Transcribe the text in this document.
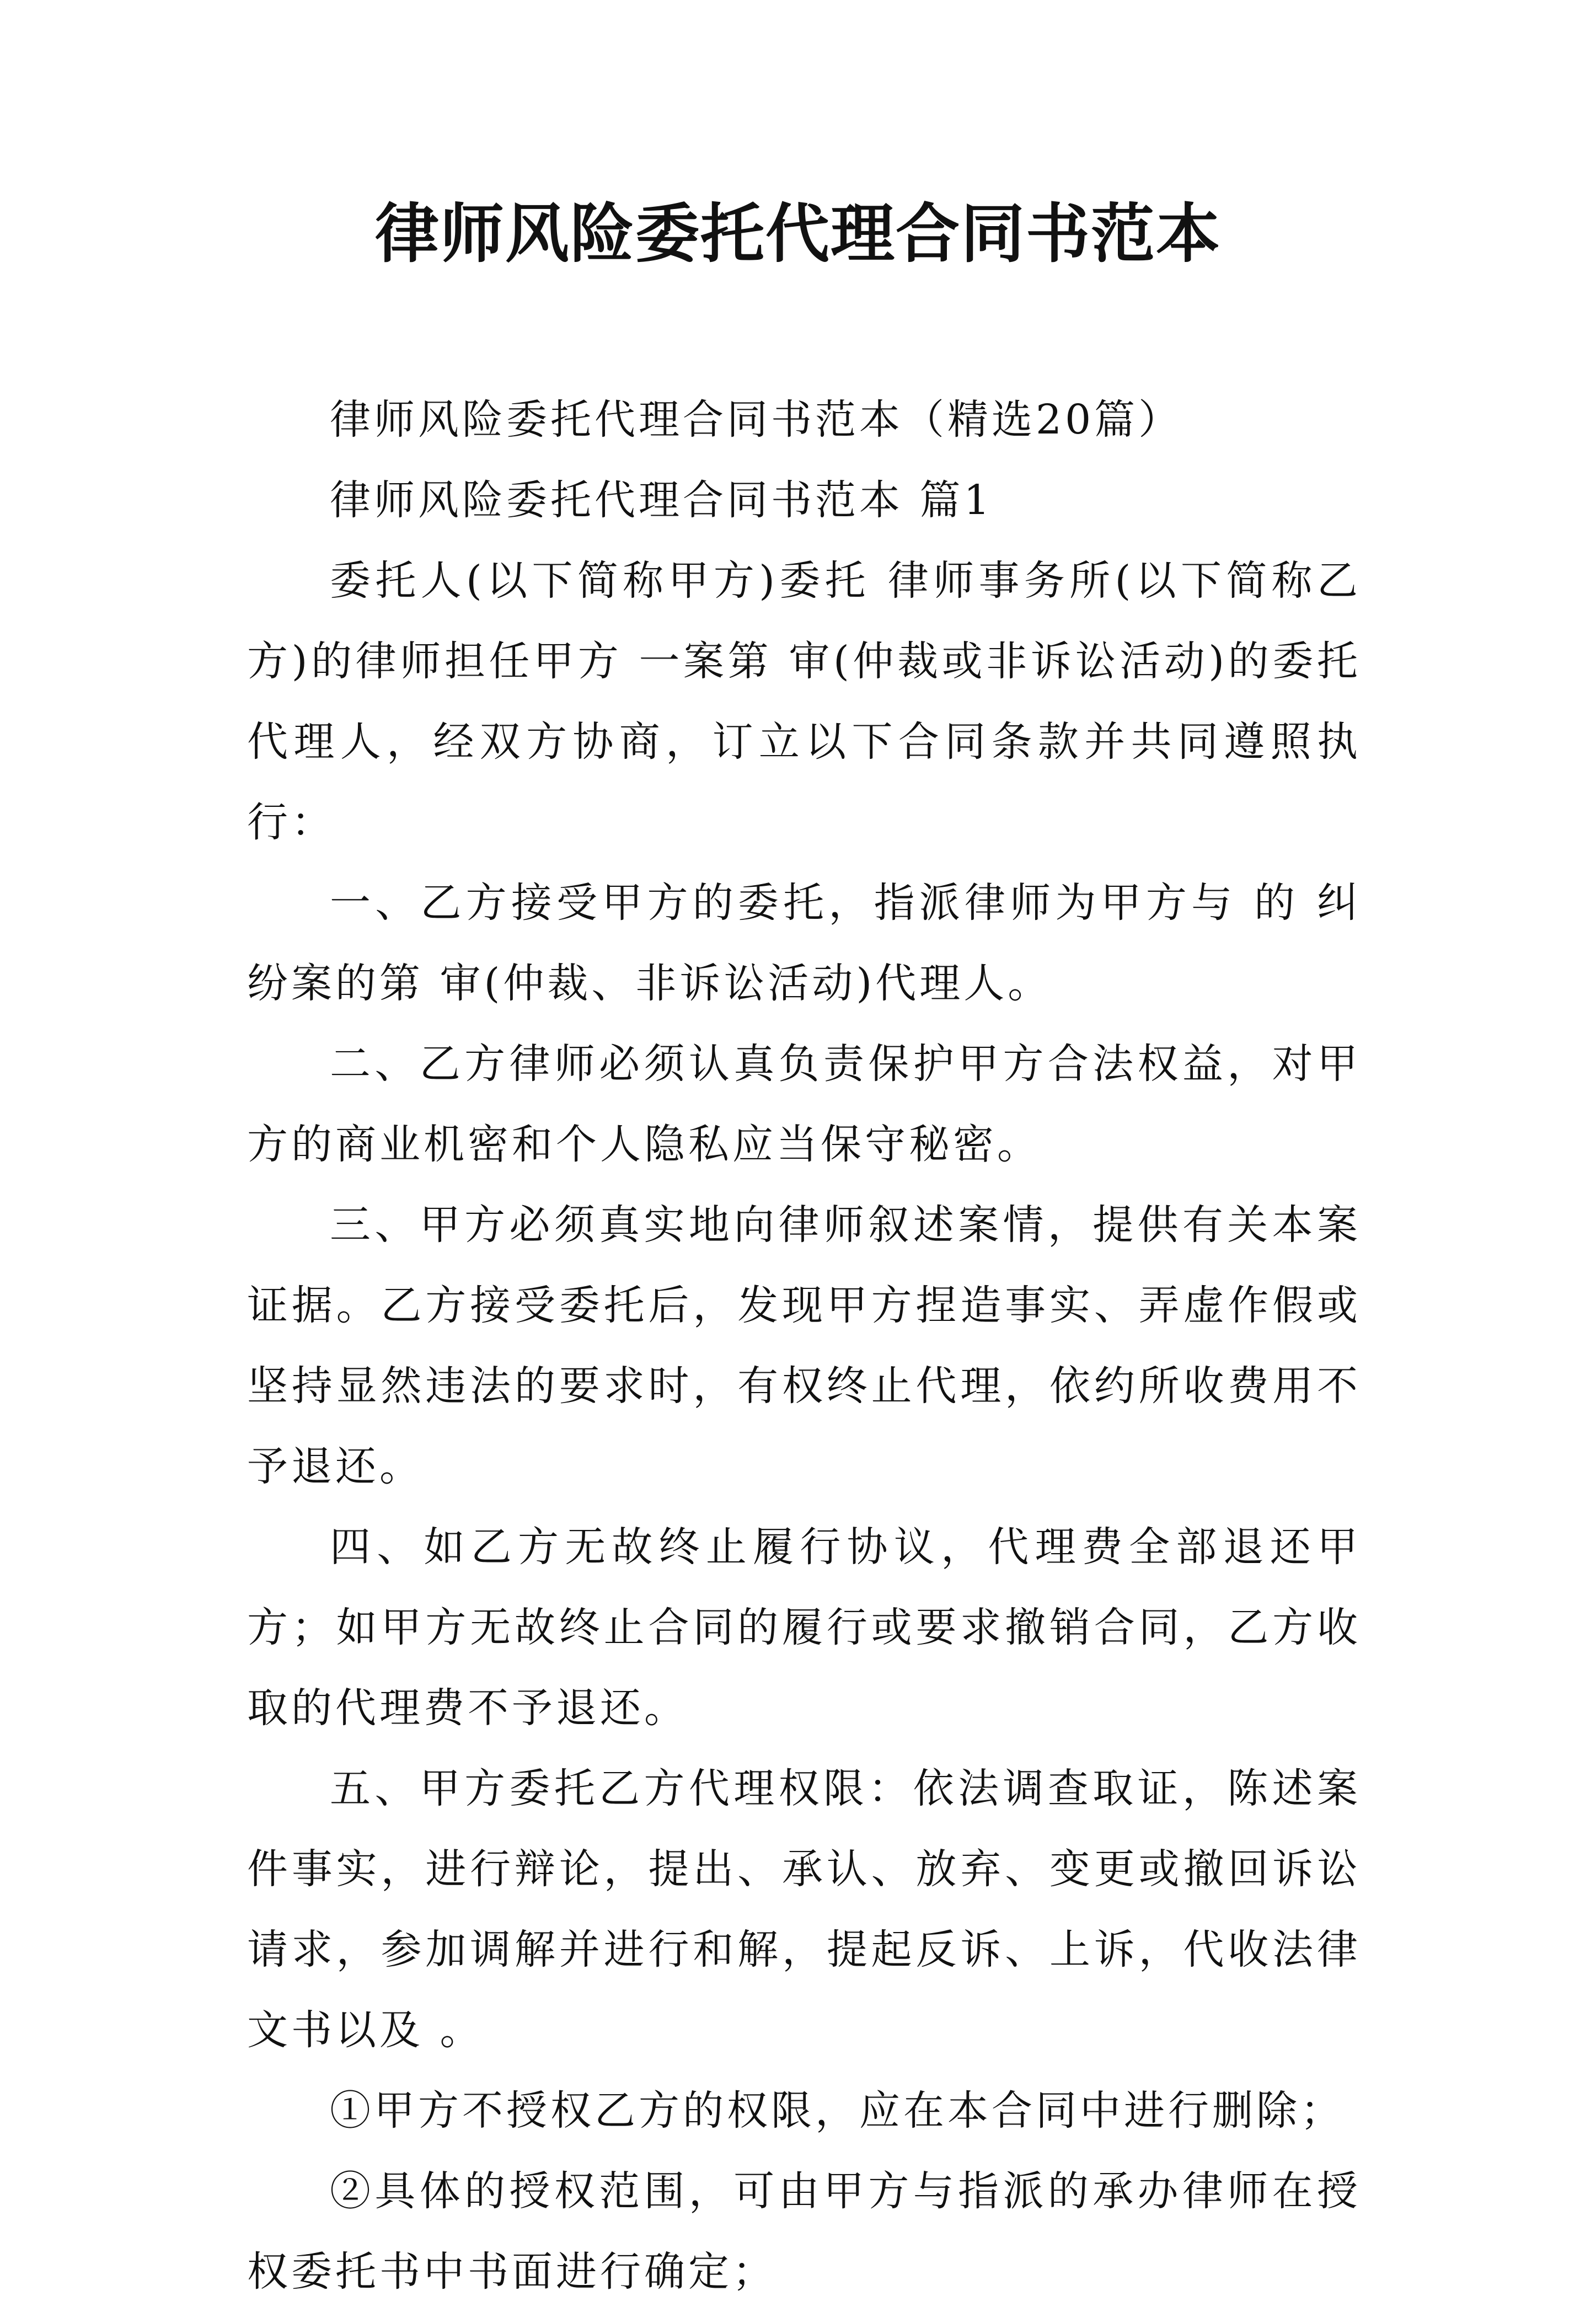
律师风险委托代理合同书范本

律师风险委托代理合同书范本（精选20篇）

律师风险委托代理合同书范本 篇1

委托人(以下简称甲方)委托 律师事务所(以下简称乙方)的律师担任甲方 一案第 审(仲裁或非诉讼活动)的委托代理人，经双方协商，订立以下合同条款并共同遵照执行：

一、乙方接受甲方的委托，指派律师为甲方与 的 纠纷案的第 审(仲裁、非诉讼活动)代理人。

二、乙方律师必须认真负责保护甲方合法权益，对甲方的商业机密和个人隐私应当保守秘密。

三、甲方必须真实地向律师叙述案情，提供有关本案证据。乙方接受委托后，发现甲方捏造事实、弄虚作假或坚持显然违法的要求时，有权终止代理，依约所收费用不予退还。

四、如乙方无故终止履行协议，代理费全部退还甲方；如甲方无故终止合同的履行或要求撤销合同，乙方收取的代理费不予退还。

五、甲方委托乙方代理权限：依法调查取证，陈述案件事实，进行辩论，提出、承认、放弃、变更或撤回诉讼请求，参加调解并进行和解，提起反诉、上诉，代收法律文书以及 。

①甲方不授权乙方的权限，应在本合同中进行删除；

②具体的授权范围，可由甲方与指派的承办律师在授权委托书中书面进行确定；
